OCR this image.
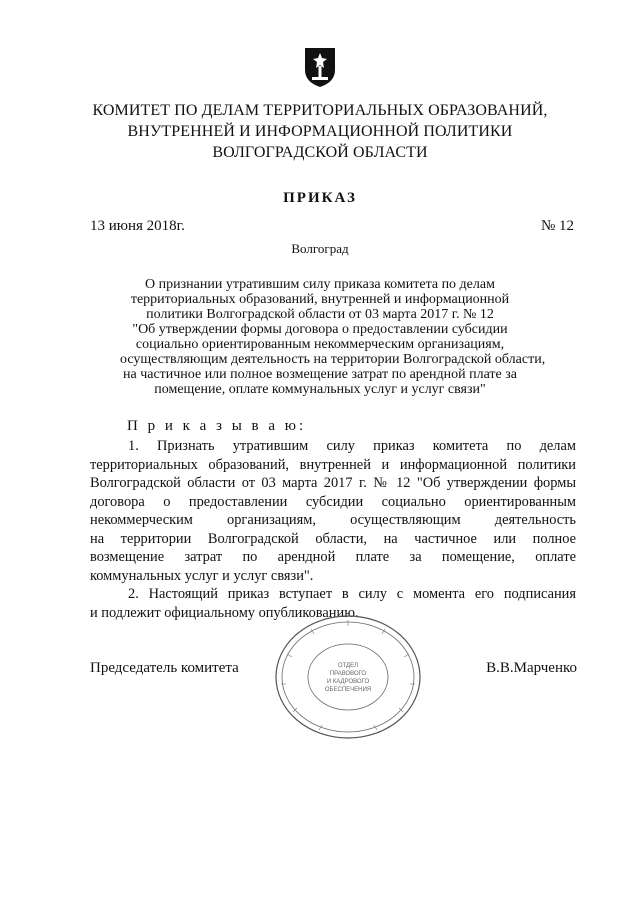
КОМИТЕТ ПО ДЕЛАМ ТЕРРИТОРИАЛЬНЫХ ОБРАЗОВАНИЙ,
ВНУТРЕННЕЙ И ИНФОРМАЦИОННОЙ ПОЛИТИКИ
ВОЛГОГРАДСКОЙ ОБЛАСТИ
ПРИКАЗ
13 июня 2018г.	№ 12
Волгоград
О признании утратившим силу приказа комитета по делам
территориальных образований, внутренней и информационной
политики Волгоградской области от 03 марта 2017 г. № 12
"Об утверждении формы договора о предоставлении субсидии
социально ориентированным некоммерческим организациям,
осуществляющим деятельность на территории Волгоградской области,
на частичное или полное возмещение затрат по арендной плате за
помещение, оплате коммунальных услуг и услуг связи"
П р и к а з ы в а ю:
1. Признать утратившим силу приказ комитета по делам
территориальных образований, внутренней и информационной политики
Волгоградской области от 03 марта 2017 г. № 12 "Об утверждении формы
договора о предоставлении субсидии социально ориентированным
некоммерческим организациям, осуществляющим деятельность
на территории Волгоградской области, на частичное или полное
возмещение затрат по арендной плате за помещение, оплате
коммунальных услуг и услуг связи".
2. Настоящий приказ вступает в силу с момента его подписания
и подлежит официальному опубликованию.
Председатель комитета	В.В.Марченко
ОТДЕЛ
ПРАВОВОГО
И КАДРОВОГО
ОБЕСПЕЧЕНИЯ
